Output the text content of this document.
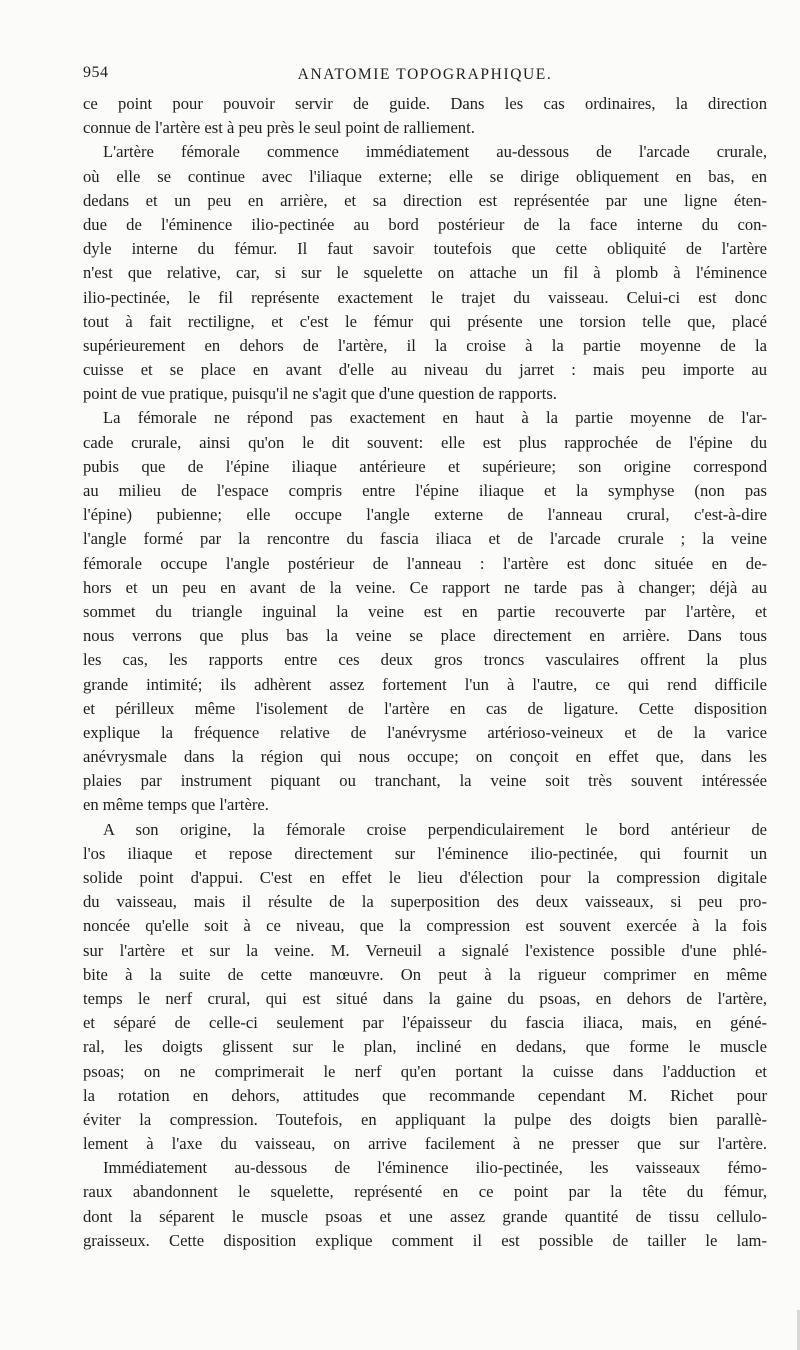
954	ANATOMIE TOPOGRAPHIQUE.
ce point pour pouvoir servir de guide. Dans les cas ordinaires, la direction
connue de l'artère est à peu près le seul point de ralliement.
L'artère fémorale commence immédiatement au-dessous de l'arcade crurale,
où elle se continue avec l'iliaque externe; elle se dirige obliquement en bas, en
dedans et un peu en arrière, et sa direction est représentée par une ligne éten-
due de l'éminence ilio-pectinée au bord postérieur de la face interne du con-
dyle interne du fémur. Il faut savoir toutefois que cette obliquité de l'artère
n'est que relative, car, si sur le squelette on attache un fil à plomb à l'éminence
ilio-pectinée, le fil représente exactement le trajet du vaisseau. Celui-ci est donc
tout à fait rectiligne, et c'est le fémur qui présente une torsion telle que, placé
supérieurement en dehors de l'artère, il la croise à la partie moyenne de la
cuisse et se place en avant d'elle au niveau du jarret : mais peu importe au
point de vue pratique, puisqu'il ne s'agit que d'une question de rapports.
La fémorale ne répond pas exactement en haut à la partie moyenne de l'ar-
cade crurale, ainsi qu'on le dit souvent: elle est plus rapprochée de l'épine du
pubis que de l'épine iliaque antérieure et supérieure; son origine correspond
au milieu de l'espace compris entre l'épine iliaque et la symphyse (non pas
l'épine) pubienne; elle occupe l'angle externe de l'anneau crural, c'est-à-dire
l'angle formé par la rencontre du fascia iliaca et de l'arcade crurale ; la veine
fémorale occupe l'angle postérieur de l'anneau : l'artère est donc située en de-
hors et un peu en avant de la veine. Ce rapport ne tarde pas à changer; déjà au
sommet du triangle inguinal la veine est en partie recouverte par l'artère, et
nous verrons que plus bas la veine se place directement en arrière. Dans tous
les cas, les rapports entre ces deux gros troncs vasculaires offrent la plus
grande intimité; ils adhèrent assez fortement l'un à l'autre, ce qui rend difficile
et périlleux même l'isolement de l'artère en cas de ligature. Cette disposition
explique la fréquence relative de l'anévrysme artérioso-veineux et de la varice
anévrysmale dans la région qui nous occupe; on conçoit en effet que, dans les
plaies par instrument piquant ou tranchant, la veine soit très souvent intéressée
en même temps que l'artère.
A son origine, la fémorale croise perpendiculairement le bord antérieur de
l'os iliaque et repose directement sur l'éminence ilio-pectinée, qui fournit un
solide point d'appui. C'est en effet le lieu d'élection pour la compression digitale
du vaisseau, mais il résulte de la superposition des deux vaisseaux, si peu pro-
noncée qu'elle soit à ce niveau, que la compression est souvent exercée à la fois
sur l'artère et sur la veine. M. Verneuil a signalé l'existence possible d'une phlé-
bite à la suite de cette manœuvre. On peut à la rigueur comprimer en même
temps le nerf crural, qui est situé dans la gaine du psoas, en dehors de l'artère,
et séparé de celle-ci seulement par l'épaisseur du fascia iliaca, mais, en géné-
ral, les doigts glissent sur le plan, incliné en dedans, que forme le muscle
psoas; on ne comprimerait le nerf qu'en portant la cuisse dans l'adduction et
la rotation en dehors, attitudes que recommande cependant M. Richet pour
éviter la compression. Toutefois, en appliquant la pulpe des doigts bien parallè-
lement à l'axe du vaisseau, on arrive facilement à ne presser que sur l'artère.
Immédiatement au-dessous de l'éminence ilio-pectinée, les vaisseaux fémo-
raux abandonnent le squelette, représenté en ce point par la tête du fémur,
dont la séparent le muscle psoas et une assez grande quantité de tissu cellulo-
graisseux. Cette disposition explique comment il est possible de tailler le lam-
